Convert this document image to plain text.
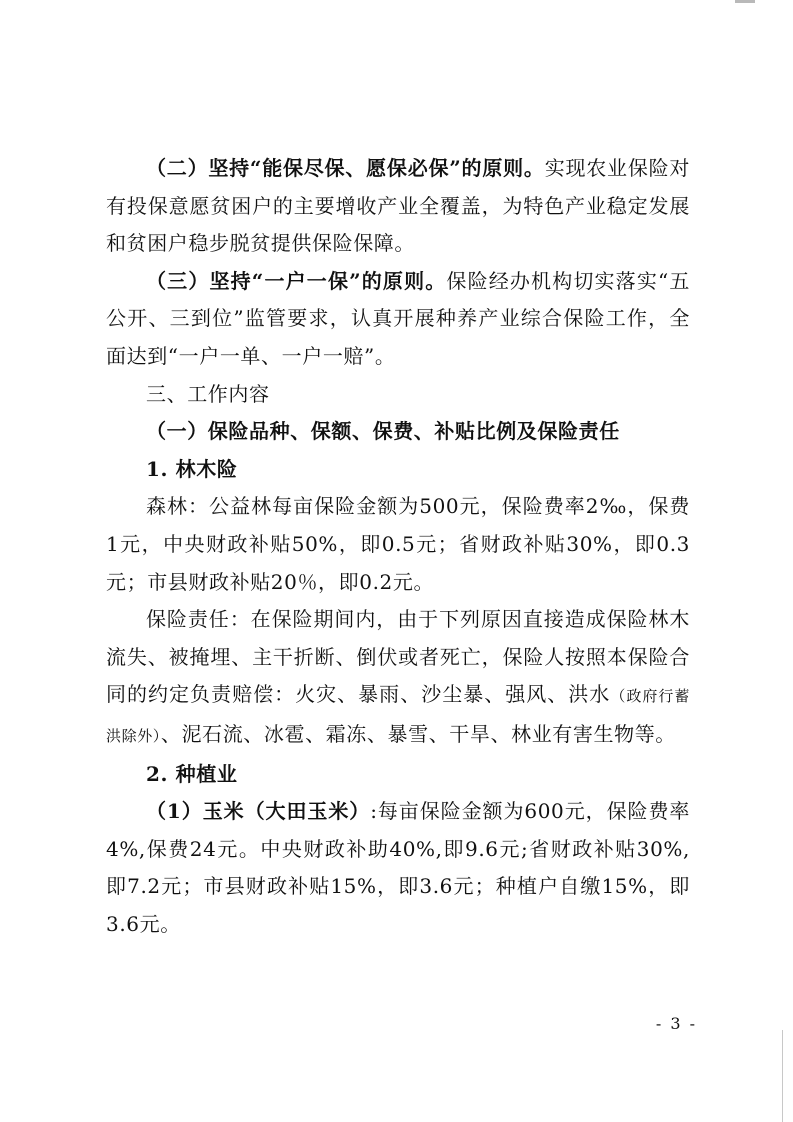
（二）坚持“能保尽保、愿保必保”的原则。实现农业保险对有投保意愿贫困户的主要增收产业全覆盖，为特色产业稳定发展和贫困户稳步脱贫提供保险保障。

（三）坚持“一户一保”的原则。保险经办机构切实落实“五公开、三到位”监管要求，认真开展种养产业综合保险工作，全面达到“一户一单、一户一赔”。

三、工作内容

（一）保险品种、保额、保费、补贴比例及保险责任

1. 林木险

森林：公益林每亩保险金额为500元，保险费率2‰，保费1元，中央财政补贴50%，即0.5元；省财政补贴30%，即0.3元；市县财政补贴20％，即0.2元。

保险责任：在保险期间内，由于下列原因直接造成保险林木流失、被掩埋、主干折断、倒伏或者死亡，保险人按照本保险合同的约定负责赔偿：火灾、暴雨、沙尘暴、强风、洪水（政府行蓄洪除外）、泥石流、冰雹、霜冻、暴雪、干旱、林业有害生物等。

2. 种植业

（1）玉米（大田玉米）:每亩保险金额为600元，保险费率4%,保费24元。中央财政补助40%,即9.6元;省财政补贴30%,即7.2元；市县财政补贴15%，即3.6元；种植户自缴15%，即3.6元。

- 3 -
